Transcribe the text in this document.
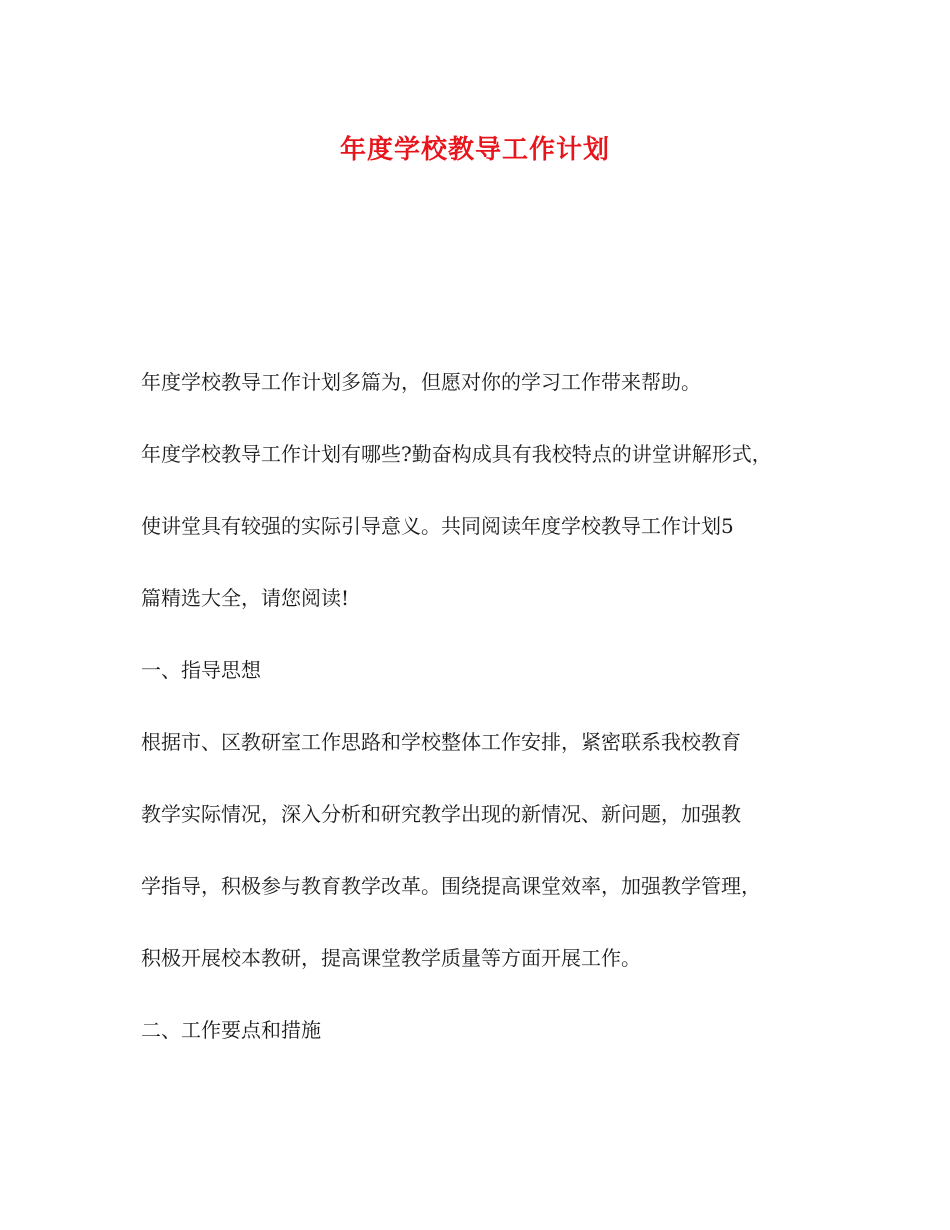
年度学校教导工作计划
年度学校教导工作计划多篇为，但愿对你的学习工作带来帮助。
年度学校教导工作计划有哪些?勤奋构成具有我校特点的讲堂讲解形式，
使讲堂具有较强的实际引导意义。共同阅读年度学校教导工作计划5
篇精选大全，请您阅读!
一、指导思想
根据市、区教研室工作思路和学校整体工作安排，紧密联系我校教育
教学实际情况，深入分析和研究教学出现的新情况、新问题，加强教
学指导，积极参与教育教学改革。围绕提高课堂效率，加强教学管理，
积极开展校本教研，提高课堂教学质量等方面开展工作。
二、工作要点和措施
